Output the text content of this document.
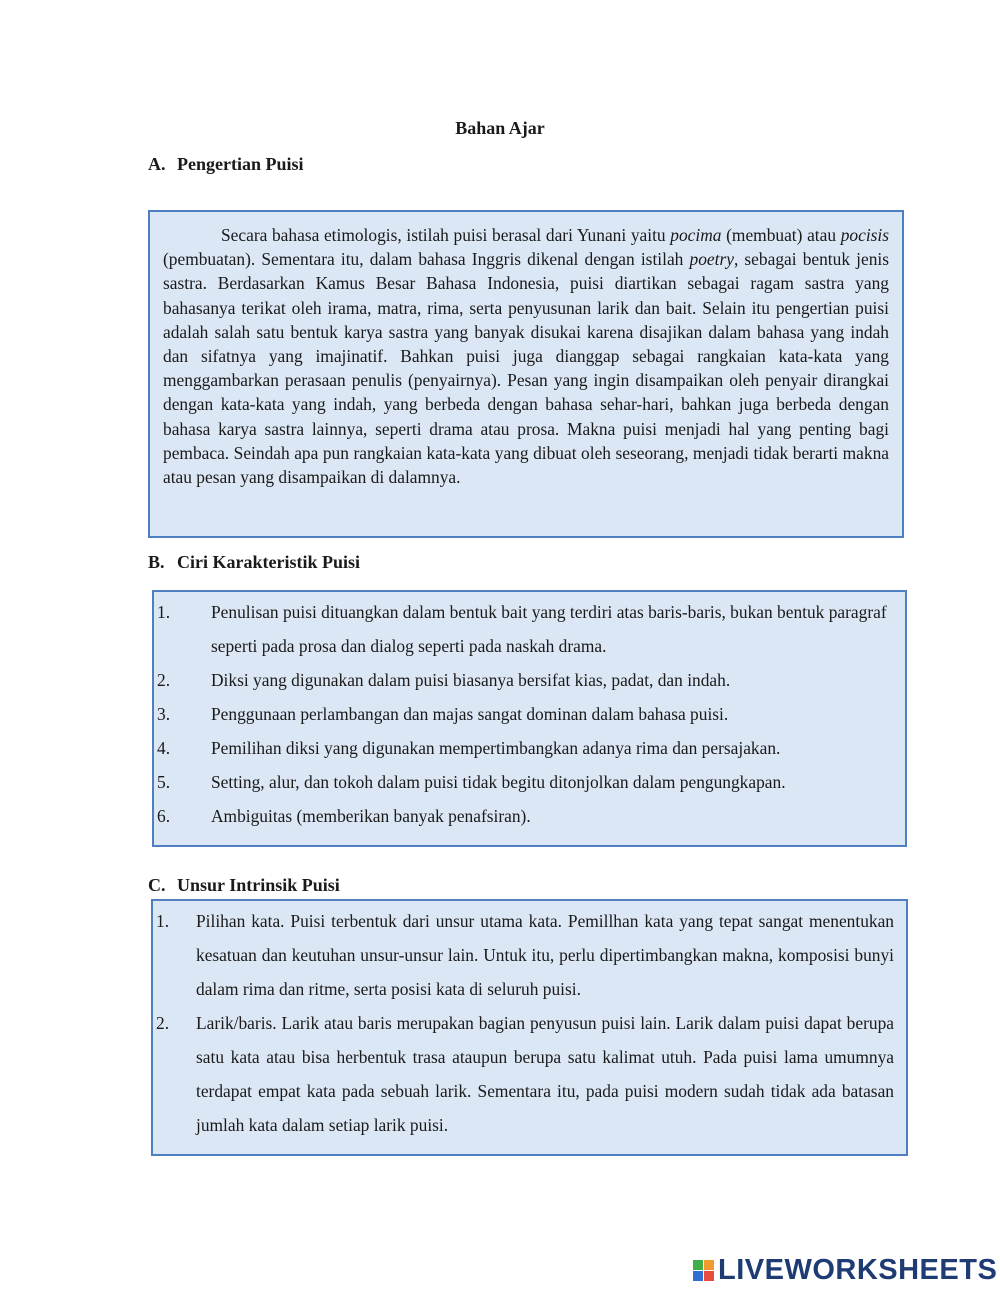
Bahan Ajar
A. Pengertian Puisi

Secara bahasa etimologis, istilah puisi berasal dari Yunani yaitu pocima (membuat) atau pocisis (pembuatan). Sementara itu, dalam bahasa Inggris dikenal dengan istilah poetry, sebagai bentuk jenis sastra. Berdasarkan Kamus Besar Bahasa Indonesia, puisi diartikan sebagai ragam sastra yang bahasanya terikat oleh irama, matra, rima, serta penyusunan larik dan bait. Selain itu pengertian puisi adalah salah satu bentuk karya sastra yang banyak disukai karena disajikan dalam bahasa yang indah dan sifatnya yang imajinatif. Bahkan puisi juga dianggap sebagai rangkaian kata-kata yang menggambarkan perasaan penulis (penyairnya). Pesan yang ingin disampaikan oleh penyair dirangkai dengan kata-kata yang indah, yang berbeda dengan bahasa sehar-hari, bahkan juga berbeda dengan bahasa karya sastra lainnya, seperti drama atau prosa. Makna puisi menjadi hal yang penting bagi pembaca. Seindah apa pun rangkaian kata-kata yang dibuat oleh seseorang, menjadi tidak berarti makna atau pesan yang disampaikan di dalamnya.

B. Ciri Karakteristik Puisi
1. Penulisan puisi dituangkan dalam bentuk bait yang terdiri atas baris-baris, bukan bentuk paragraf seperti pada prosa dan dialog seperti pada naskah drama.
2. Diksi yang digunakan dalam puisi biasanya bersifat kias, padat, dan indah.
3. Penggunaan perlambangan dan majas sangat dominan dalam bahasa puisi.
4. Pemilihan diksi yang digunakan mempertimbangkan adanya rima dan persajakan.
5. Setting, alur, dan tokoh dalam puisi tidak begitu ditonjolkan dalam pengungkapan.
6. Ambiguitas (memberikan banyak penafsiran).
C. Unsur Intrinsik Puisi
1. Pilihan kata. Puisi terbentuk dari unsur utama kata. Pemillhan kata yang tepat sangat menentukan kesatuan dan keutuhan unsur-unsur lain. Untuk itu, perlu dipertimbangkan makna, komposisi bunyi dalam rima dan ritme, serta posisi kata di seluruh puisi.
2. Larik/baris. Larik atau baris merupakan bagian penyusun puisi lain. Larik dalam puisi dapat berupa satu kata atau bisa herbentuk trasa ataupun berupa satu kalimat utuh. Pada puisi lama umumnya terdapat empat kata pada sebuah larik. Sementara itu, pada puisi modern sudah tidak ada batasan jumlah kata dalam setiap larik puisi.
LIVEWORKSHEETS
